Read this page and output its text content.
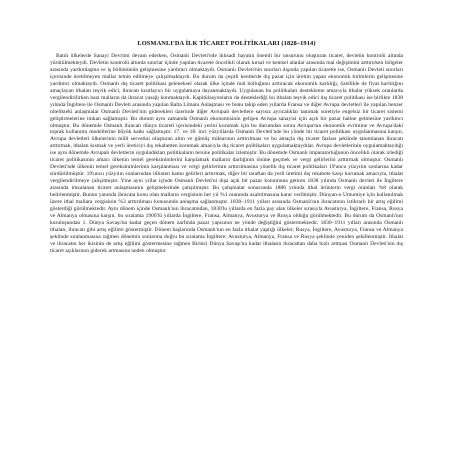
I.OSMANLI'DA İLK TİCARET POLİTİKALARI (1828–1914)

Batılı ülkelerde Sanayi Devrimi devam ederken, Osmanlı Devleti'nde iktisadi hayatın önemli bir unsurunu oluşturan ticaret, devletin kontrolü altında yürütülmekteydi. Devletin kontrolü altında sınırlar içinde yapılan ticarete öncelikli olarak kırsal ve kentsel alanlar arasında mal değişimini arttırırken bölgeler arasında yardımlaşma ve iş bölümünün gelişmesine yardımcı olmaktaydı. Osmanlı Devleti'nin sınırları dışında yapılan ticarette ise, Osmanlı Devleti sınırları içerisinde üretilmeyen mallar temin edilmeye çalışılmaktaydı. Bu durum da çeşitli kentlerde dış pazar için üretim yapan ekonomik birimlerin gelişmesine yardımcı olmaktaydı. Osmanlı dış ticaret politikası geleneksel olarak ülke içinde mal bolluğunu arttıracak ekonomik karlılığı, özellikle de fiyat karlılığını amaçlayan ithalatı teşvik edici, ihracatı kısıtlayıcı bir uygulamaya dayanmaktaydı. Uygulanan bu politikaları destekleme amacıyla ithalat yüksek oranlarda vergilendirilirken bazı malların da ihracat yasağı konmaktaydı. Kapitülasyonların da desteklediği bu ithalatı teşvik edici dış ticaret politikası ise birlikte 1838 yılında İngiltere ile Osmanlı Devleti arasında yapılan Balta Limanı Anlaşması ve bunu takip eden yıllarda Fransa ve diğer Avrupa devletleri ile yapılan benzer nitelikteki anlaşmalar Osmanlı Devleti'nin giderekleri üzerinde diğer Avrupalı devletlere sayısız ayrıcalıklar tanımak suretiyle engelsiz bir ticaret sistemi geliştirmelerine imkan sağlamıştır. Bu durum aynı zamanda Osmanlı ekonomisinin gelişen Avrupa sanayisi için açık bir pazar haline gelmesine yardımcı olmuştur. Bu dönemde Osmanlı ihracatı dünya ticareti içerisindeki yerini korumak için bu durumdan sonra Avrupa'nın ekonomik evrimine ve Avrupa'daki toprak kullanımı modellerine büyük katkı sağlamıştır. 17. ve 18. inci yüzyıllarda Osmanlı Devleti'nde bu yönde bir ticaret politikası uygulanmasına karşın, Avrupa devletleri ülkelerinin milli servetini oluşturan altın ve gümüş miktarının arttırılması ve bu amaçla dış ticaret fazlası şeklinde tanımlanan ihracatı arttırmak, ithalatı kısmak ve yerli üreticiyi dış rekabetten korumak amacıyla dış ticaret politikaları uygulamaktaydılar. Avrupa devletlerinin uygulamaktaydığı ise aynı dönemde Avrupalı devletlerin uyguladıkları politikaların tersine politikalar izlemiştir. Bu dönemde Osmanlı imparatorluğunun öncelikli olarak izlediği ticaret politikasının amacı ülkenin temel gereksinimlerini karşılamak malların darlığının önüne geçmek ve vergi gelirlerini arttırmak olmuştur. Osmanlı Devleti'nde ülkenin temel gereksinimlerinin karşılanması ve vergi gelirlerinin arttırılmasına yönelik dış ticaret politikaları 19'uncu yüzyılın sonlarına kadar sürdürülmüştür. 19'uncu yüzyılın sonlarından itibaren kamu gelirleri arttırmak, diğer bir taraftan da yerli üretimi dış rekabete karşı korumak amacıyla, ithalat vergilendirilmeye çalışılmıştır. Yine aynı yıllar içinde Osmanlı Devleti'ni dışa açık bir pazar konumuna getiren 1838 yılında Osmanlı devleti ile İngiltere arasında imzalanan ticaret anlaşmasının gelişmelerinde çalışılmıştır. Bu çalışmalar sonucunda 1886 yılında ithal ürünlerin vergi oranları %8 olarak belirlenmiştir. Bunun yanında ihracata konu olan malların vergisinin her yıl %1 oranında azaltılmasına karar verilmiştir. Dünyan-u Umumiye için kullanılmak üzere ithal mallara vergisinin %3 arttırılması konusunda anlaşma sağlanmıştır. 1830–1911 yılları arasında Osmanlı'nın ihracatının istikrarlı bir artış eğilimi gösterdiği görülmektedir. Aynı dönem içinde Osmanlı'nın ihracatından, 1830'lu yıllarda en fazla pay alan ülkeler sırasıyla Avusturya, İngiltere, Fransa, Rusya ve Almanya olmasına karşın, bu sıralama 1900'lü yıllarda İngiltere, Fransa, Almanya, Avusturya ve Rusya olduğu görülmektedir. Bu durum da Osmanlı'nın kuruluşundan 1. Dünya Savaşı'na kadar geçen dönem zarfında pazar yapısının ne yönde değiştiğini göstermektedir. 1830–1911 yılları arasında Osmanlı ithalatı, ihracatı gibi artış eğilimi göstermiştir. Dönem başlarında Osmanlı'nın en fazla ithalat yaptığı ülkeler; Rusya, İngiltere, Avusturya, Fransa ve Almanya şeklinde sıralanmasına rağmen dönemin sonlarına doğru bu sıralama İngiltere; Avusturya, Almanya, Fransa ve Rusya şeklinde yeniden şekillenmiştir. İthalat ve ihracatın her ikisinin de artış eğilimi göstermesine rağmen Birinci Dünya Savaşı'na kadar ithalatın ihracattan daha hızlı artması Osmanlı Devleti'nin dış ticaret açıklarının giderek artmasına neden olmuştur.
